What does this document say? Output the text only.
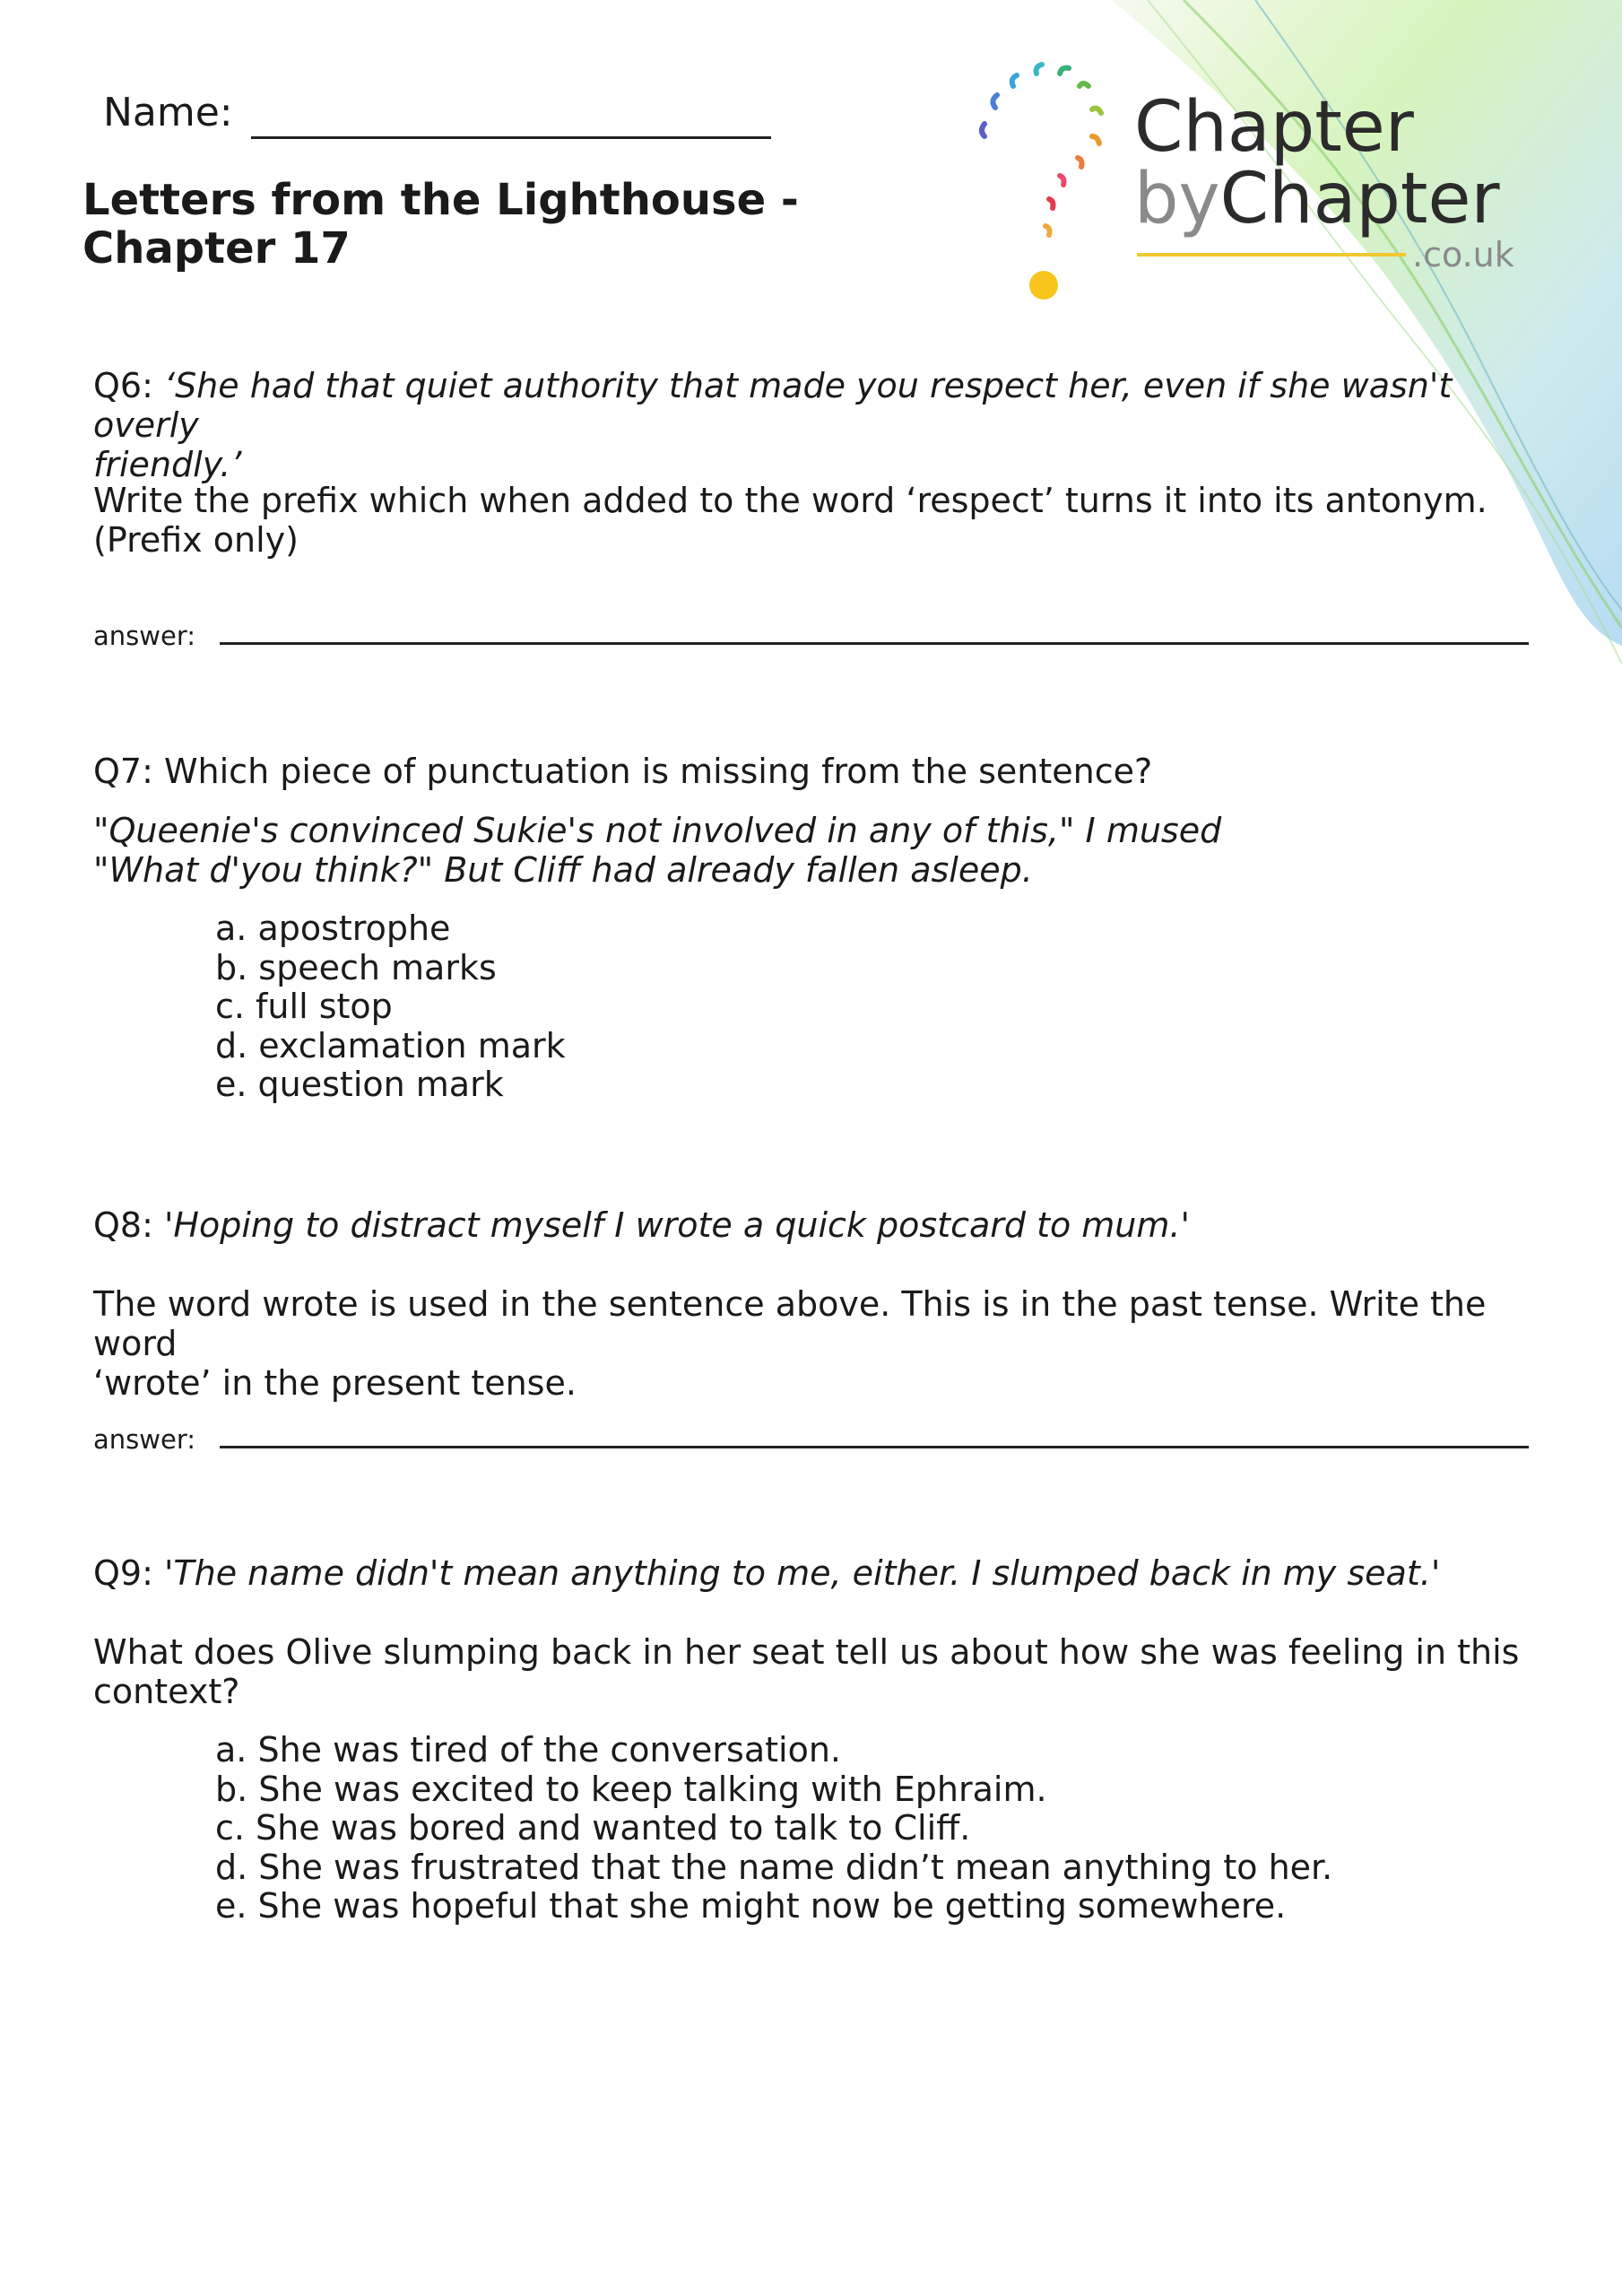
Name:
Letters from the Lighthouse -
Chapter 17
Chapter
byChapter
.co.uk
Q6: ‘She had that quiet authority that made you respect her, even if she wasn't overly
friendly.’
Write the prefix which when added to the word ‘respect’ turns it into its antonym.
(Prefix only)
answer:
Q7: Which piece of punctuation is missing from the sentence?
"Queenie's convinced Sukie's not involved in any of this," I mused
"What d'you think?" But Cliff had already fallen asleep.
a. apostrophe
b. speech marks
c. full stop
d. exclamation mark
e. question mark
Q8: 'Hoping to distract myself I wrote a quick postcard to mum.'
The word wrote is used in the sentence above. This is in the past tense. Write the word
‘wrote’ in the present tense.
answer:
Q9: 'The name didn't mean anything to me, either. I slumped back in my seat.'
What does Olive slumping back in her seat tell us about how she was feeling in this
context?
a. She was tired of the conversation.
b. She was excited to keep talking with Ephraim.
c. She was bored and wanted to talk to Cliff.
d. She was frustrated that the name didn’t mean anything to her.
e. She was hopeful that she might now be getting somewhere.
